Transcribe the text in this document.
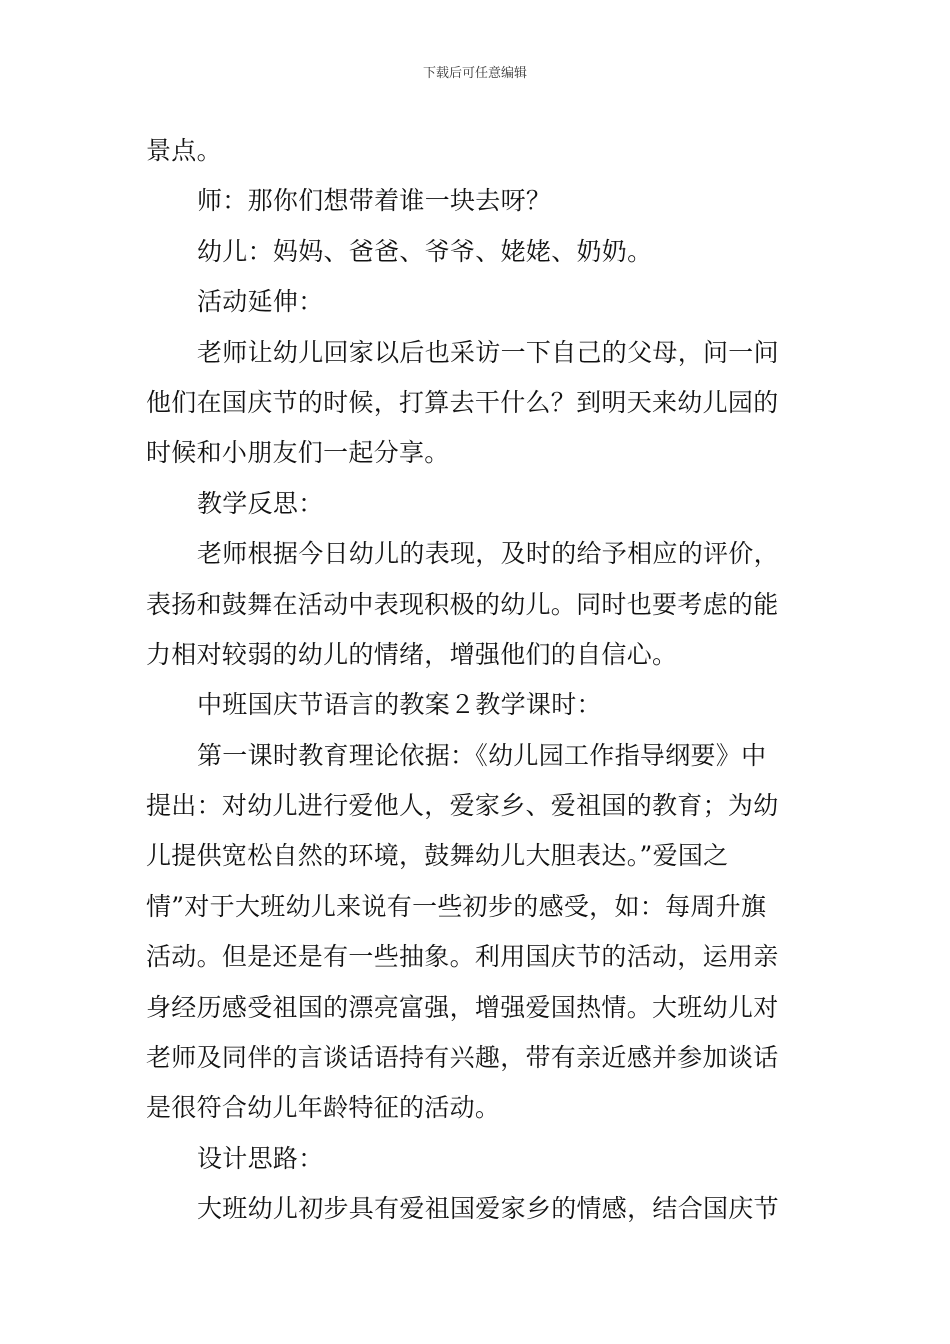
下载后可任意编辑
景点。
师：那你们想带着谁一块去呀？
幼儿：妈妈、爸爸、爷爷、姥姥、奶奶。
活动延伸：
老师让幼儿回家以后也采访一下自己的父母，问一问
他们在国庆节的时候，打算去干什么？到明天来幼儿园的
时候和小朋友们一起分享。
教学反思：
老师根据今日幼儿的表现，及时的给予相应的评价，
表扬和鼓舞在活动中表现积极的幼儿。同时也要考虑的能
力相对较弱的幼儿的情绪，增强他们的自信心。
中班国庆节语言的教案２教学课时：
第一课时教育理论依据：《幼儿园工作指导纲要》中
提出：对幼儿进行爱他人，爱家乡、爱祖国的教育；为幼
儿提供宽松自然的环境，鼓舞幼儿大胆表达。”爱国之
情”对于大班幼儿来说有一些初步的感受，如：每周升旗
活动。但是还是有一些抽象。利用国庆节的活动，运用亲
身经历感受祖国的漂亮富强，增强爱国热情。大班幼儿对
老师及同伴的言谈话语持有兴趣，带有亲近感并参加谈话
是很符合幼儿年龄特征的活动。
设计思路：
大班幼儿初步具有爱祖国爱家乡的情感，结合国庆节
